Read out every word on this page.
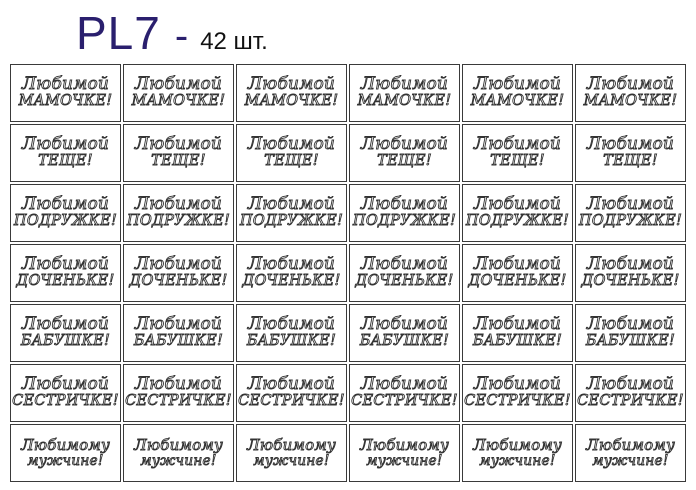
PL7 - 42 шт.
Любимой
МАМОЧКЕ!
Любимой
МАМОЧКЕ!
Любимой
МАМОЧКЕ!
Любимой
МАМОЧКЕ!
Любимой
МАМОЧКЕ!
Любимой
МАМОЧКЕ!
Любимой
ТЕЩЕ!
Любимой
ТЕЩЕ!
Любимой
ТЕЩЕ!
Любимой
ТЕЩЕ!
Любимой
ТЕЩЕ!
Любимой
ТЕЩЕ!
Любимой
ПОДРУЖКЕ!
Любимой
ПОДРУЖКЕ!
Любимой
ПОДРУЖКЕ!
Любимой
ПОДРУЖКЕ!
Любимой
ПОДРУЖКЕ!
Любимой
ПОДРУЖКЕ!
Любимой
ДОЧЕНЬКЕ!
Любимой
ДОЧЕНЬКЕ!
Любимой
ДОЧЕНЬКЕ!
Любимой
ДОЧЕНЬКЕ!
Любимой
ДОЧЕНЬКЕ!
Любимой
ДОЧЕНЬКЕ!
Любимой
БАБУШКЕ!
Любимой
БАБУШКЕ!
Любимой
БАБУШКЕ!
Любимой
БАБУШКЕ!
Любимой
БАБУШКЕ!
Любимой
БАБУШКЕ!
Любимой
СЕСТРИЧКЕ!
Любимой
СЕСТРИЧКЕ!
Любимой
СЕСТРИЧКЕ!
Любимой
СЕСТРИЧКЕ!
Любимой
СЕСТРИЧКЕ!
Любимой
СЕСТРИЧКЕ!
Любимому
мужчине!
Любимому
мужчине!
Любимому
мужчине!
Любимому
мужчине!
Любимому
мужчине!
Любимому
мужчине!
